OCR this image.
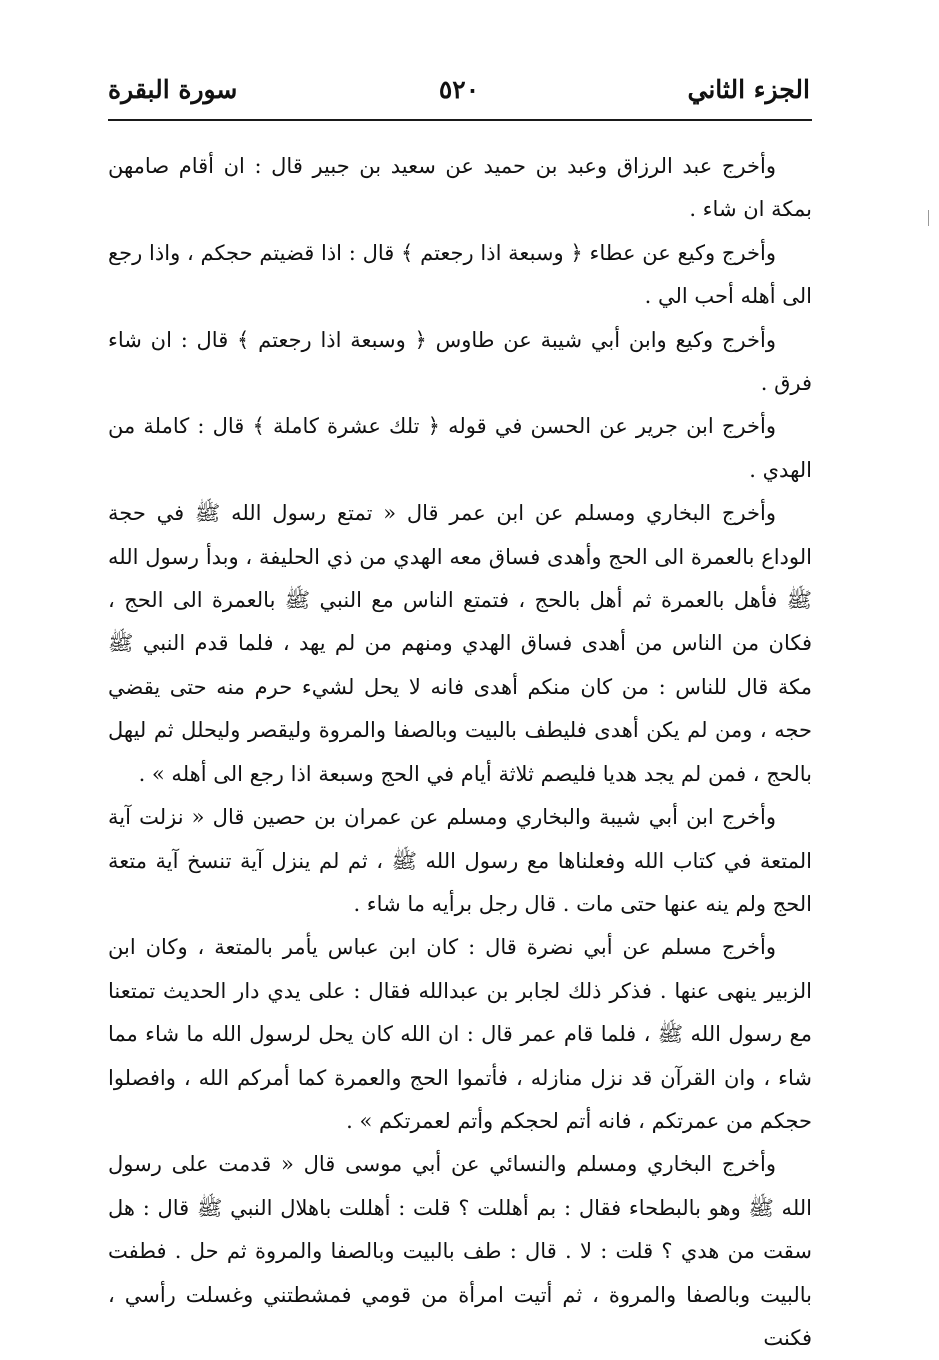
الجزء الثاني
٥٢٠
سورة البقرة

وأخرج عبد الرزاق وعبد بن حميد عن سعيد بن جبير قال : ان أقام صامهن بمكة ان شاء .

وأخرج وكيع عن عطاء ﴿ وسبعة اذا رجعتم ﴾ قال : اذا قضيتم حجكم ، واذا رجع الى أهله أحب الي .

وأخرج وكيع وابن أبي شيبة عن طاوس ﴿ وسبعة اذا رجعتم ﴾ قال : ان شاء فرق .

وأخرج ابن جرير عن الحسن في قوله ﴿ تلك عشرة كاملة ﴾ قال : كاملة من الهدي .

وأخرج البخاري ومسلم عن ابن عمر قال « تمتع رسول الله ﷺ في حجة الوداع بالعمرة الى الحج وأهدى فساق معه الهدي من ذي الحليفة ، وبدأ رسول الله ﷺ فأهل بالعمرة ثم أهل بالحج ، فتمتع الناس مع النبي ﷺ بالعمرة الى الحج ، فكان من الناس من أهدى فساق الهدي ومنهم من لم يهد ، فلما قدم النبي ﷺ مكة قال للناس : من كان منكم أهدى فانه لا يحل لشيء حرم منه حتى يقضي حجه ، ومن لم يكن أهدى فليطف بالبيت وبالصفا والمروة وليقصر وليحلل ثم ليهل بالحج ، فمن لم يجد هديا فليصم ثلاثة أيام في الحج وسبعة اذا رجع الى أهله » .

وأخرج ابن أبي شيبة والبخاري ومسلم عن عمران بن حصين قال « نزلت آية المتعة في كتاب الله وفعلناها مع رسول الله ﷺ ، ثم لم ينزل آية تنسخ آية متعة الحج ولم ينه عنها حتى مات . قال رجل برأيه ما شاء .

وأخرج مسلم عن أبي نضرة قال : كان ابن عباس يأمر بالمتعة ، وكان ابن الزبير ينهى عنها . فذكر ذلك لجابر بن عبدالله فقال : على يدي دار الحديث تمتعنا مع رسول الله ﷺ ، فلما قام عمر قال : ان الله كان يحل لرسول الله ما شاء مما شاء ، وان القرآن قد نزل منازله ، فأتموا الحج والعمرة كما أمركم الله ، وافصلوا حجكم من عمرتكم ، فانه أتم لحجكم وأتم لعمرتكم » .

وأخرج البخاري ومسلم والنسائي عن أبي موسى قال « قدمت على رسول الله ﷺ وهو بالبطحاء فقال : بم أهللت ؟ قلت : أهللت باهلال النبي ﷺ قال : هل سقت من هدي ؟ قلت : لا . قال : طف بالبيت وبالصفا والمروة ثم حل . فطفت بالبيت وبالصفا والمروة ، ثم أتيت امرأة من قومي فمشطتني وغسلت رأسي ، فكنت
